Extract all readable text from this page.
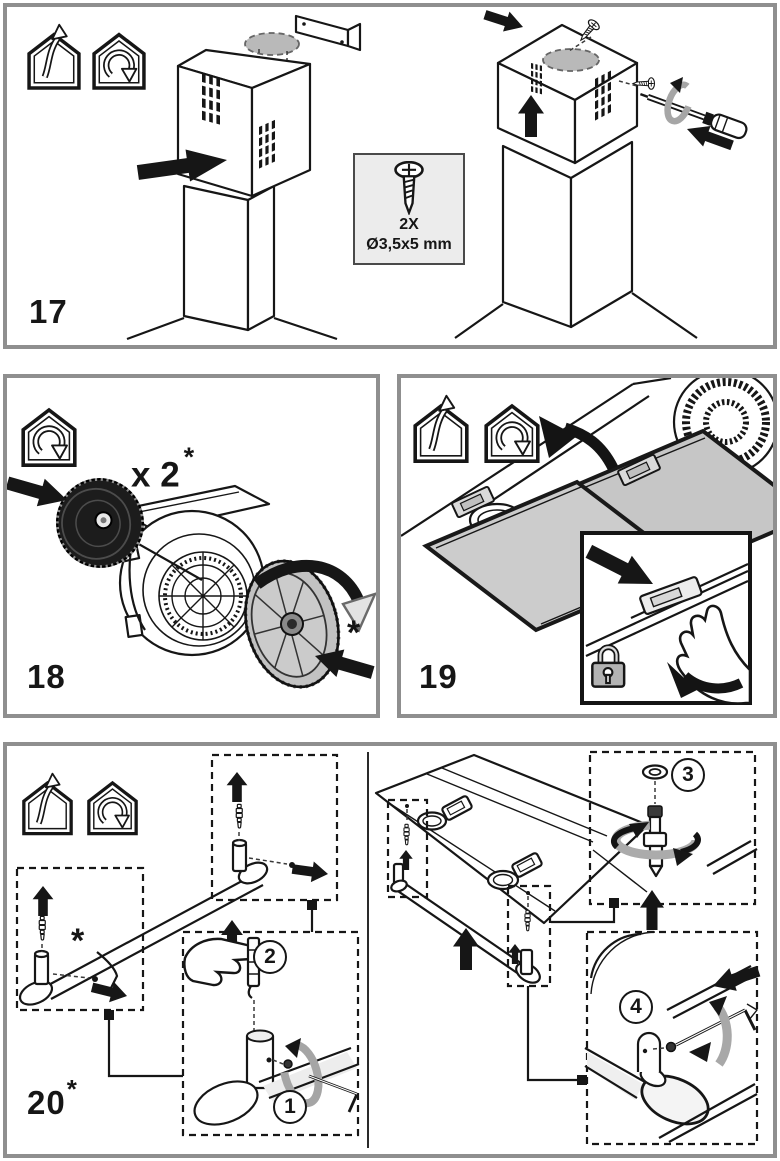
2X
Ø3,5x5 mm
17
x 2 *
*
18	19
*	2
1
3
4
20*
